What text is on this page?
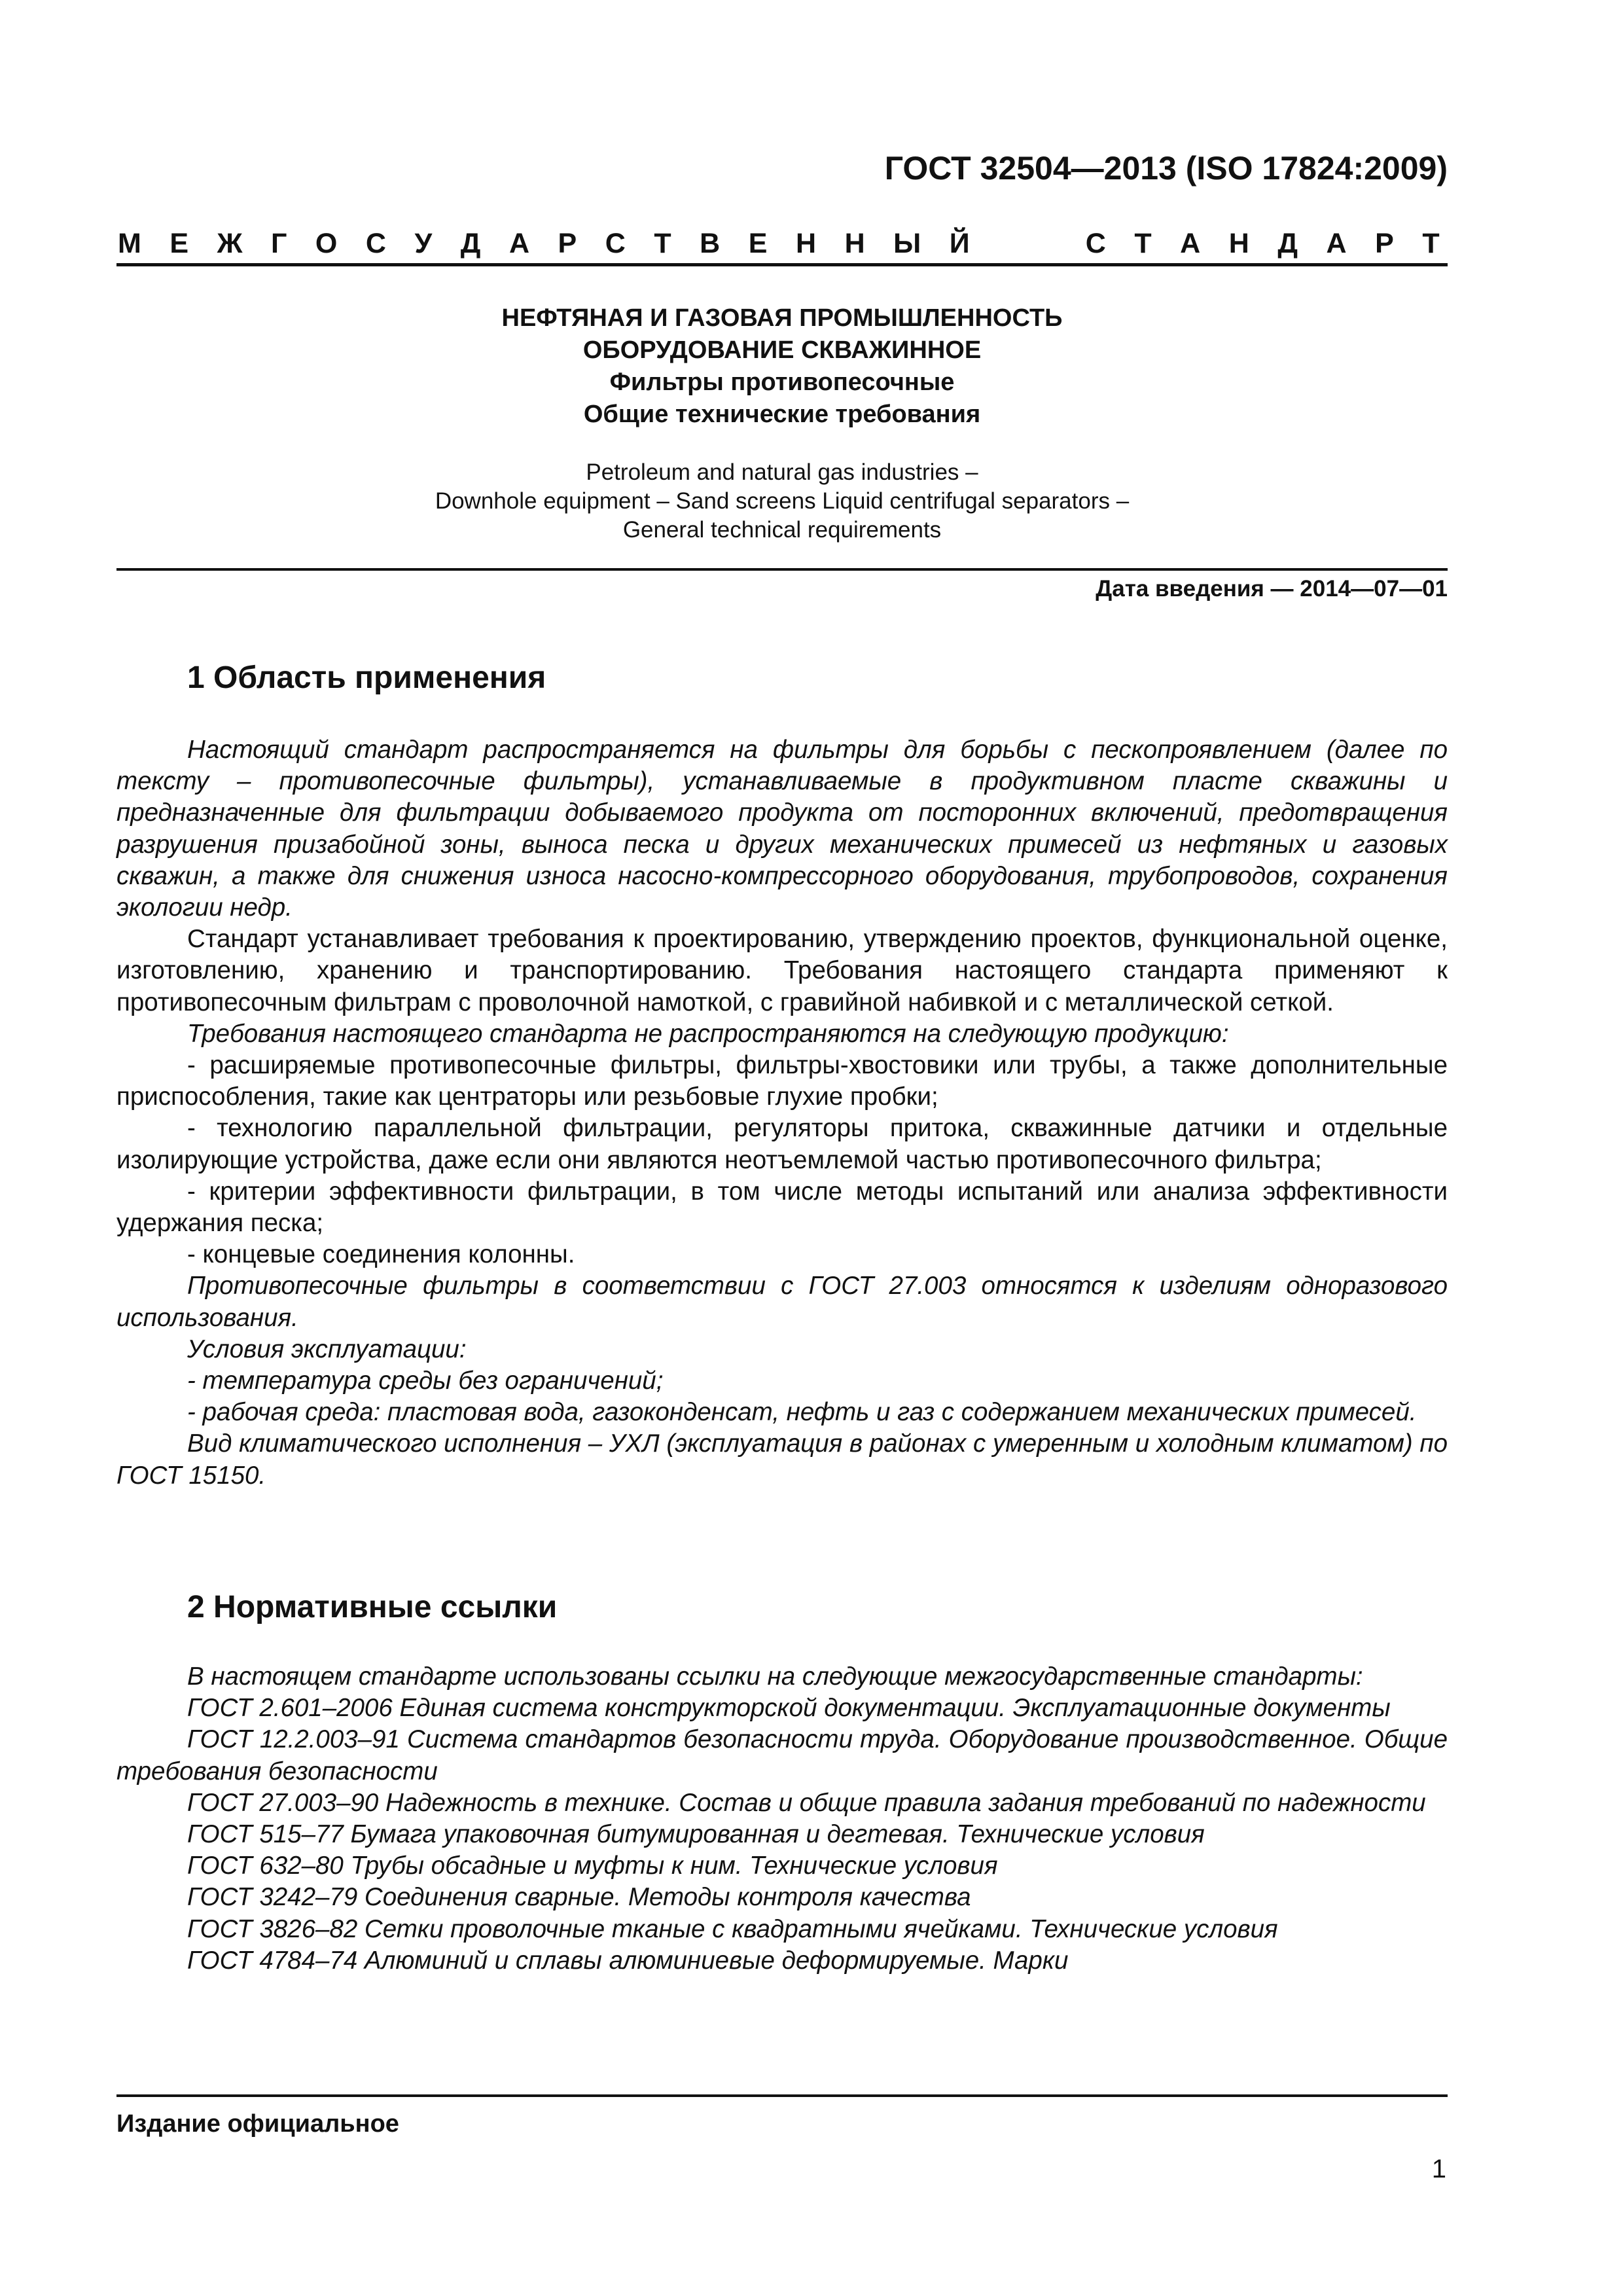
ГОСТ 32504—2013 (ISO 17824:2009)
М Е Ж Г О С У Д А Р С Т В Е Н Н Ы Й	С Т А Н Д А Р Т
НЕФТЯНАЯ И ГАЗОВАЯ ПРОМЫШЛЕННОСТЬ
ОБОРУДОВАНИЕ СКВАЖИННОЕ
Фильтры противопесочные
Общие технические требования
Petroleum and natural gas industries –
Downhole equipment – Sand screens Liquid centrifugal separators –
General technical requirements
Дата введения — 2014—07—01
1 Область применения

Настоящий стандарт распространяется на фильтры для борьбы с пескопроявлением (далее по тексту – противопесочные фильтры), устанавливаемые в продуктивном пласте скважины и предназначенные для фильтрации добываемого продукта от посторонних включений, предотвращения разрушения призабойной зоны, выноса песка и других механических примесей из нефтяных и газовых скважин, а также для снижения износа насосно-компрессорного оборудования, трубопроводов, сохранения экологии недр.

Стандарт устанавливает требования к проектированию, утверждению проектов, функциональной оценке, изготовлению, хранению и транспортированию. Требования настоящего стандарта применяют к противопесочным фильтрам с проволочной намоткой, с гравийной набивкой и с металлической сеткой.

Требования настоящего стандарта не распространяются на следующую продукцию:

- расширяемые противопесочные фильтры, фильтры-хвостовики или трубы, а также дополнительные приспособления, такие как центраторы или резьбовые глухие пробки;

- технологию параллельной фильтрации, регуляторы притока, скважинные датчики и отдельные изолирующие устройства, даже если они являются неотъемлемой частью противопесочного фильтра;

- критерии эффективности фильтрации, в том числе методы испытаний или анализа эффективности удержания песка;

- концевые соединения колонны.

Противопесочные фильтры в соответствии с ГОСТ 27.003 относятся к изделиям одноразового использования.

Условия эксплуатации:

- температура среды без ограничений;

- рабочая среда: пластовая вода, газоконденсат, нефть и газ с содержанием механических примесей.

Вид климатического исполнения – УХЛ (эксплуатация в районах с умеренным и холодным климатом) по ГОСТ 15150.

2 Нормативные ссылки

В настоящем стандарте использованы ссылки на следующие межгосударственные стандарты:

ГОСТ 2.601–2006 Единая система конструкторской документации. Эксплуатационные документы

ГОСТ 12.2.003–91 Система стандартов безопасности труда. Оборудование производственное. Общие требования безопасности

ГОСТ 27.003–90 Надежность в технике. Состав и общие правила задания требований по надежности

ГОСТ 515–77 Бумага упаковочная битумированная и дегтевая. Технические условия

ГОСТ 632–80 Трубы обсадные и муфты к ним. Технические условия

ГОСТ 3242–79 Соединения сварные. Методы контроля качества

ГОСТ 3826–82 Сетки проволочные тканые с квадратными ячейками. Технические условия

ГОСТ 4784–74 Алюминий и сплавы алюминиевые деформируемые. Марки

Издание официальное
1
